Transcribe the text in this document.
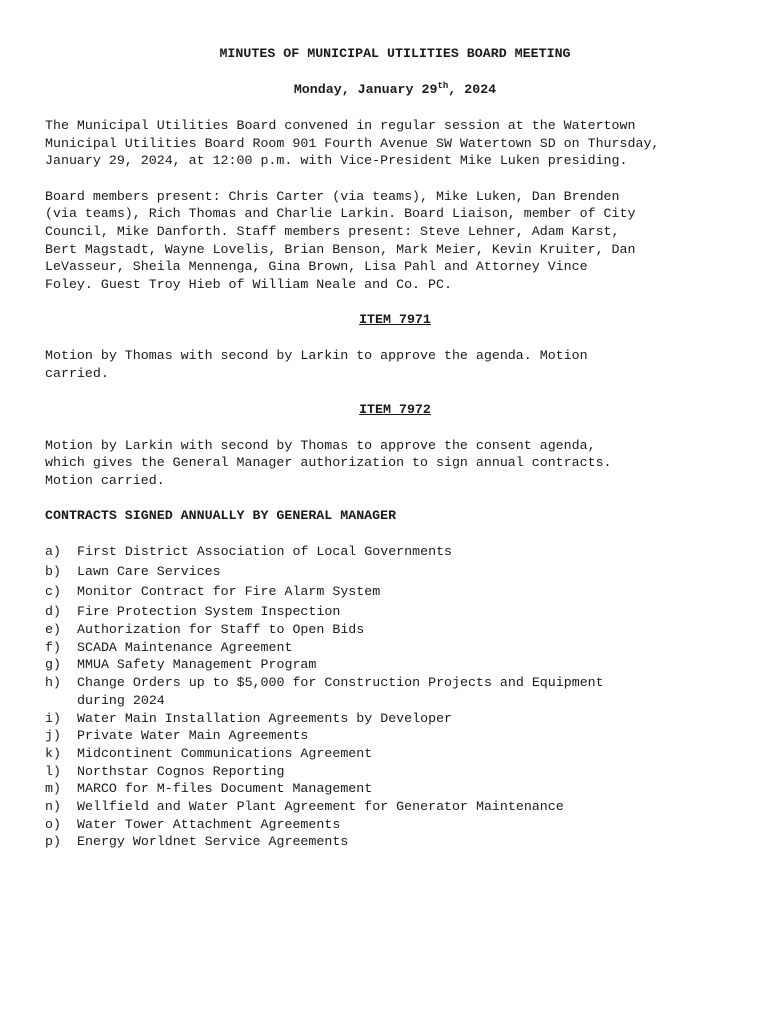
MINUTES OF MUNICIPAL UTILITIES BOARD MEETING

Monday, January 29th, 2024

The Municipal Utilities Board convened in regular session at the Watertown
Municipal Utilities Board Room 901 Fourth Avenue SW Watertown SD on Thursday,
January 29, 2024, at 12:00 p.m. with Vice-President Mike Luken presiding.

Board members present: Chris Carter (via teams), Mike Luken, Dan Brenden
(via teams), Rich Thomas and Charlie Larkin. Board Liaison, member of City
Council, Mike Danforth. Staff members present: Steve Lehner, Adam Karst,
Bert Magstadt, Wayne Lovelis, Brian Benson, Mark Meier, Kevin Kruiter, Dan
LeVasseur, Sheila Mennenga, Gina Brown, Lisa Pahl and Attorney Vince
Foley. Guest Troy Hieb of William Neale and Co. PC.

ITEM 7971

Motion by Thomas with second by Larkin to approve the agenda. Motion
carried.

ITEM 7972

Motion by Larkin with second by Thomas to approve the consent agenda,
which gives the General Manager authorization to sign annual contracts.
Motion carried.

CONTRACTS SIGNED ANNUALLY BY GENERAL MANAGER

a)	First District Association of Local Governments
b)	Lawn Care Services
c)	Monitor Contract for Fire Alarm System
d)	Fire Protection System Inspection
e)	Authorization for Staff to Open Bids
f)	SCADA Maintenance Agreement
g)	MMUA Safety Management Program
h)	Change Orders up to $5,000 for Construction Projects and Equipment
during 2024
i)	Water Main Installation Agreements by Developer
j)	Private Water Main Agreements
k)	Midcontinent Communications Agreement
l)	Northstar Cognos Reporting
m)	MARCO for M-files Document Management
n)	Wellfield and Water Plant Agreement for Generator Maintenance
o)	Water Tower Attachment Agreements
p)	Energy Worldnet Service Agreements
